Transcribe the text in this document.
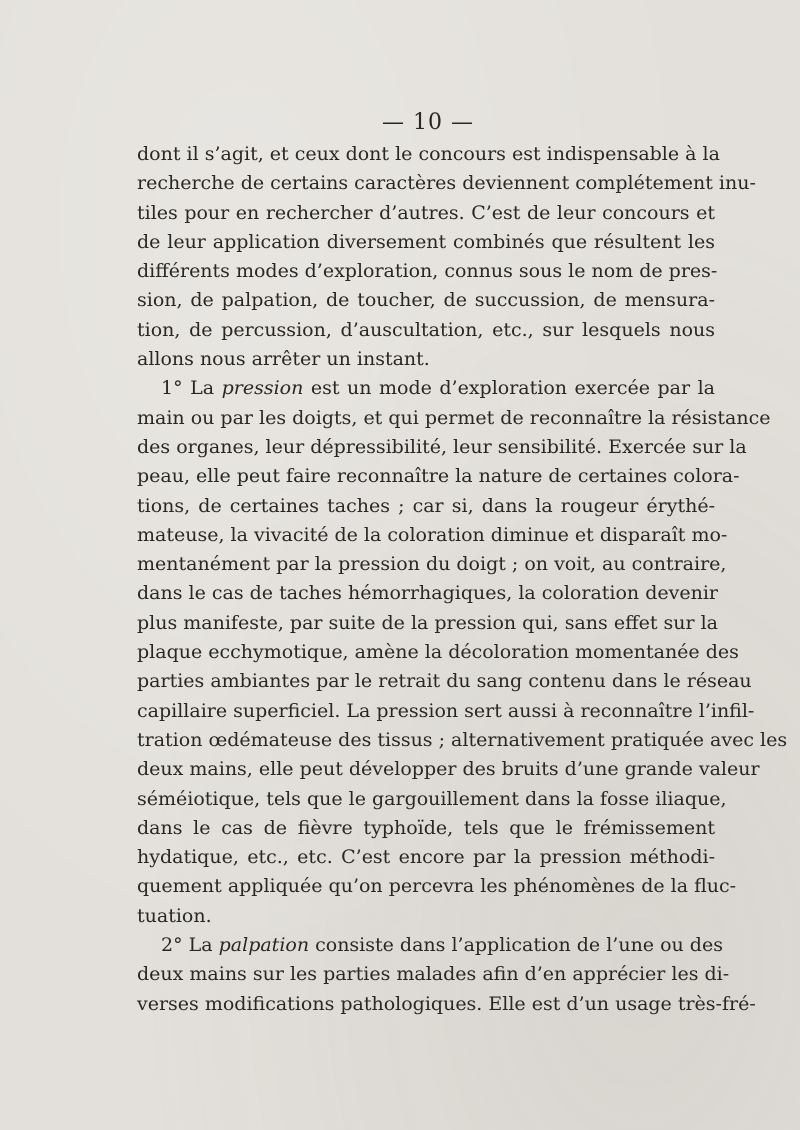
— 10 —
dont il s’agit, et ceux dont le concours est indispensable à la
recherche de certains caractères deviennent complétement inu-
tiles pour en rechercher d’autres. C’est de leur concours et
de leur application diversement combinés que résultent les
différents modes d’exploration, connus sous le nom de pres-
sion, de palpation, de toucher, de succussion, de mensura-
tion, de percussion, d’auscultation, etc., sur lesquels nous
allons nous arrêter un instant.
1° La pression est un mode d’exploration exercée par la
main ou par les doigts, et qui permet de reconnaître la résistance
des organes, leur dépressibilité, leur sensibilité. Exercée sur la
peau, elle peut faire reconnaître la nature de certaines colora-
tions, de certaines taches ; car si, dans la rougeur érythé-
mateuse, la vivacité de la coloration diminue et disparaît mo-
mentanément par la pression du doigt ; on voit, au contraire,
dans le cas de taches hémorrhagiques, la coloration devenir
plus manifeste, par suite de la pression qui, sans effet sur la
plaque ecchymotique, amène la décoloration momentanée des
parties ambiantes par le retrait du sang contenu dans le réseau
capillaire superficiel. La pression sert aussi à reconnaître l’infil-
tration œdémateuse des tissus ; alternativement pratiquée avec les
deux mains, elle peut développer des bruits d’une grande valeur
séméiotique, tels que le gargouillement dans la fosse iliaque,
dans le cas de fièvre typhoïde, tels que le frémissement
hydatique, etc., etc. C’est encore par la pression méthodi-
quement appliquée qu’on percevra les phénomènes de la fluc-
tuation.
2° La palpation consiste dans l’application de l’une ou des
deux mains sur les parties malades afin d’en apprécier les di-
verses modifications pathologiques. Elle est d’un usage très-fré-
